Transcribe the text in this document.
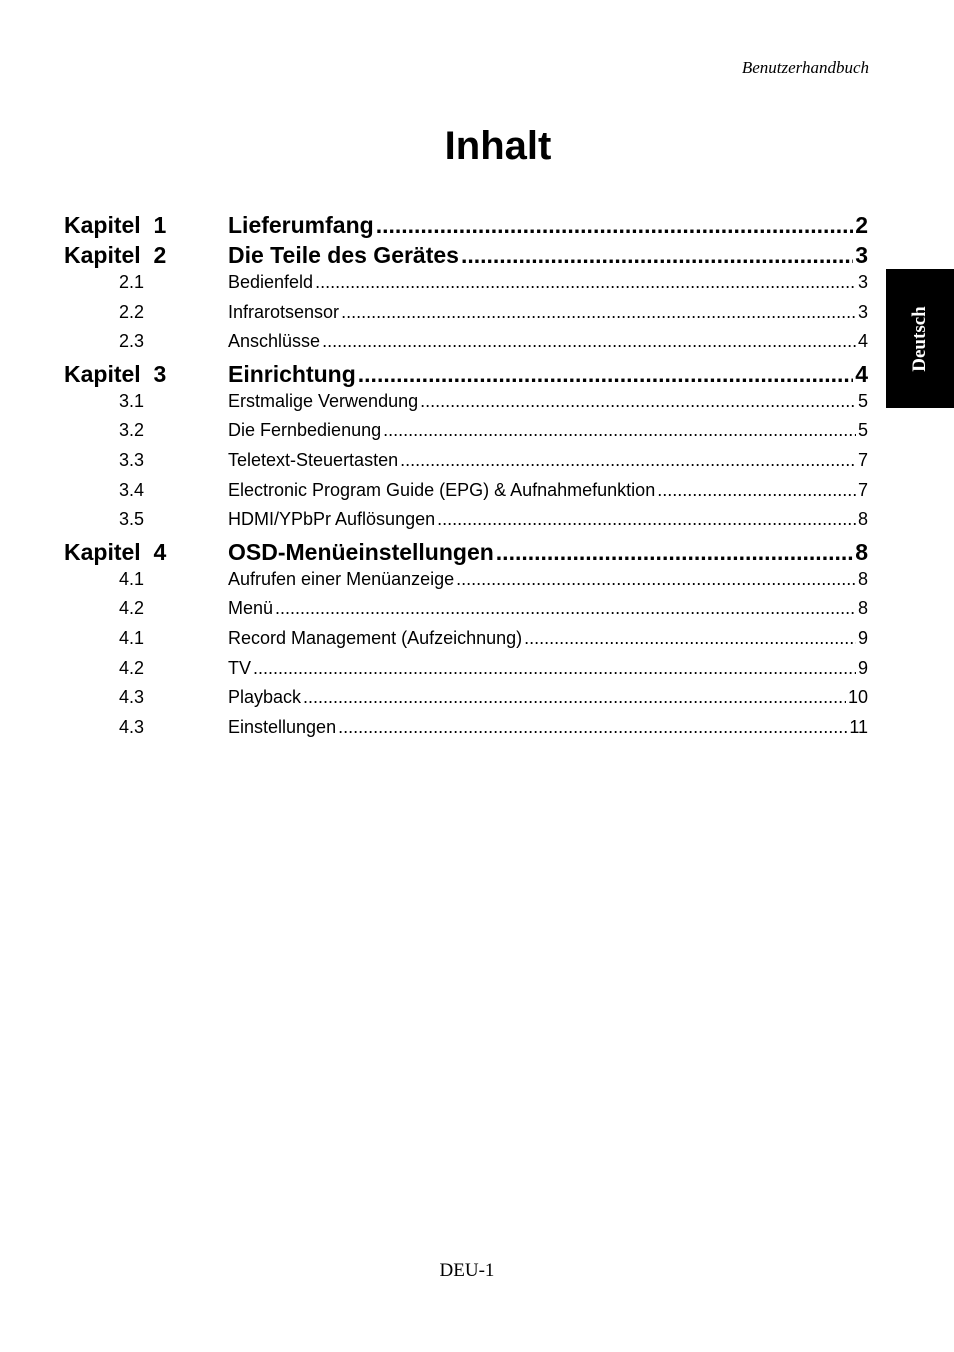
Benutzerhandbuch
Inhalt
Deutsch
Kapitel  1	Lieferumfang .....	2
Kapitel  2	Die Teile des Gerätes .....	3
2.1	Bedienfeld .....	3
2.2	Infrarotsensor .....	3
2.3	Anschlüsse .....	4
Kapitel  3	Einrichtung .....	4
3.1	Erstmalige Verwendung .....	5
3.2	Die Fernbedienung .....	5
3.3	Teletext-Steuertasten .....	7
3.4	Electronic Program Guide (EPG) & Aufnahmefunktion .....	7
3.5	HDMI/YPbPr Auflösungen .....	8
Kapitel  4	OSD-Menüeinstellungen .....	8
4.1	Aufrufen einer Menüanzeige .....	8
4.2	Menü .....	8
4.1	Record Management (Aufzeichnung) .....	9
4.2	TV .....	9
4.3	Playback .....	10
4.3	Einstellungen .....	11
DEU-1
